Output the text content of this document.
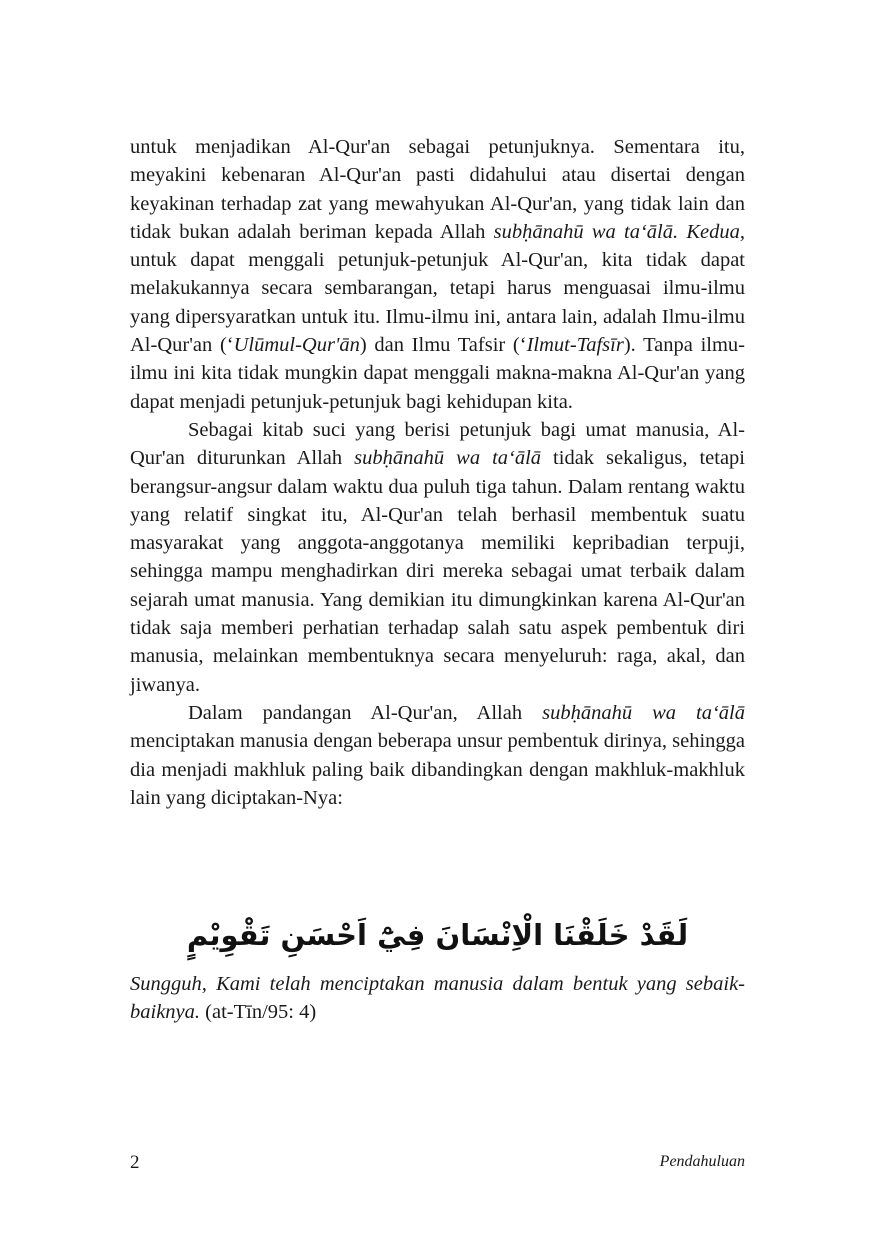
untuk menjadikan Al-Qur'an sebagai petunjuknya. Sementara itu, meyakini kebenaran Al-Qur'an pasti didahului atau disertai dengan keyakinan terhadap zat yang mewahyukan Al-Qur'an, yang tidak lain dan tidak bukan adalah beriman kepada Allah subḥānahū wa ta‘ālā. Kedua, untuk dapat menggali petunjuk-petunjuk Al-Qur'an, kita tidak dapat melakukannya secara sembarangan, tetapi harus menguasai ilmu-ilmu yang dipersyaratkan untuk itu. Ilmu-ilmu ini, antara lain, adalah Ilmu-ilmu Al-Qur'an (‘Ulūmul-Qur'ān) dan Ilmu Tafsir (‘Ilmut-Tafsīr). Tanpa ilmu-ilmu ini kita tidak mungkin dapat menggali makna-makna Al-Qur'an yang dapat menjadi petunjuk-petunjuk bagi kehidupan kita.

Sebagai kitab suci yang berisi petunjuk bagi umat manusia, Al-Qur'an diturunkan Allah subḥānahū wa ta‘ālā tidak sekaligus, tetapi berangsur-angsur dalam waktu dua puluh tiga tahun. Dalam rentang waktu yang relatif singkat itu, Al-Qur'an telah berhasil membentuk suatu masyarakat yang anggota-anggotanya memiliki kepribadian terpuji, sehingga mampu menghadirkan diri mereka sebagai umat terbaik dalam sejarah umat manusia. Yang demikian itu dimungkinkan karena Al-Qur'an tidak saja memberi perhatian terhadap salah satu aspek pembentuk diri manusia, melainkan membentuknya secara menyeluruh: raga, akal, dan jiwanya.

Dalam pandangan Al-Qur'an, Allah subḥānahū wa ta‘ālā menciptakan manusia dengan beberapa unsur pembentuk dirinya, sehingga dia menjadi makhluk paling baik dibandingkan dengan makhluk-makhluk lain yang diciptakan-Nya:

لَقَدْ خَلَقْنَا الْاِنْسَانَ فِيْٓ اَحْسَنِ تَقْوِيْمٍ
Sungguh, Kami telah menciptakan manusia dalam bentuk yang sebaik-baiknya. (at-Tīn/95: 4)
2	Pendahuluan
